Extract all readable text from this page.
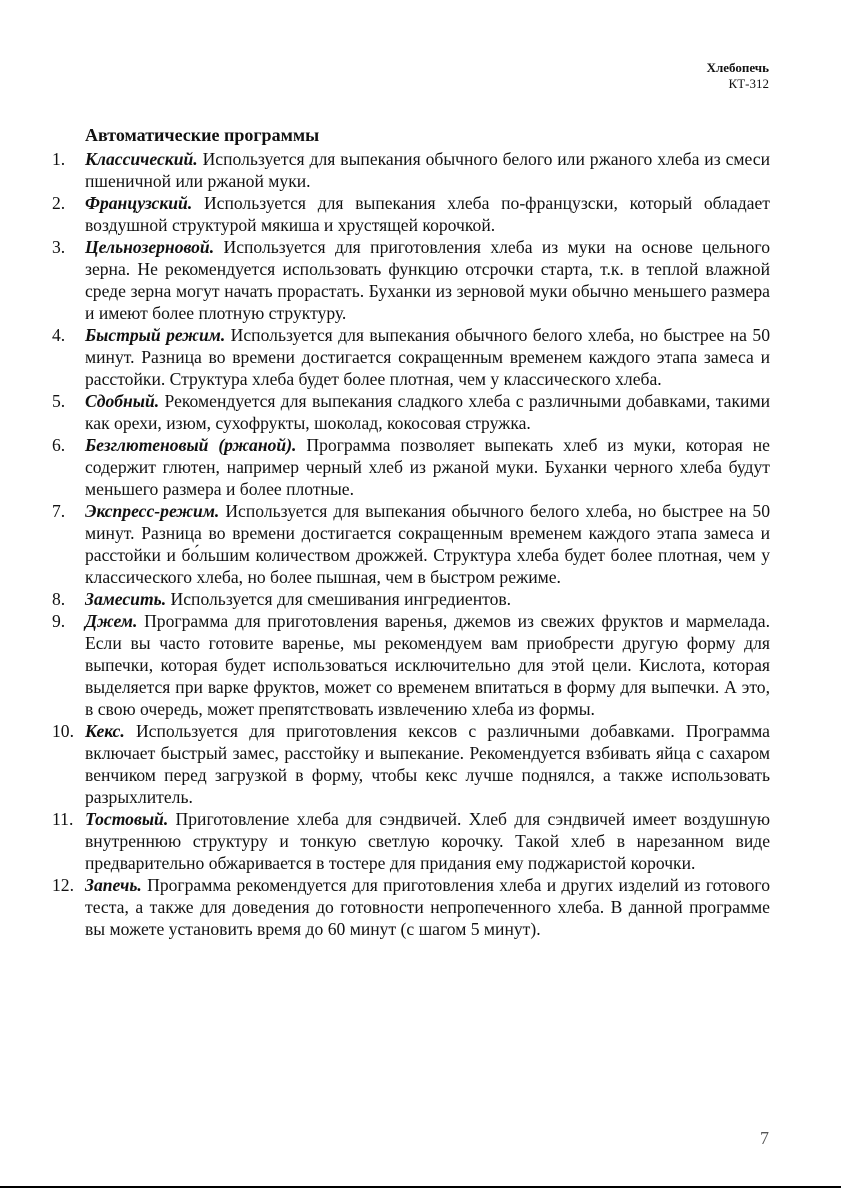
Хлебопечь
КТ-312
Автоматические программы
1.	Классический. Используется для выпекания обычного белого или ржаного хлеба из смеси пшеничной или ржаной муки.
2.	Французский. Используется для выпекания хлеба по-французски, который обладает воздушной структурой мякиша и хрустящей корочкой.
3.	Цельнозерновой. Используется для приготовления хлеба из муки на основе цельного зерна. Не рекомендуется использовать функцию отсрочки старта, т.к. в теплой влажной среде зерна могут начать прорастать. Буханки из зерновой муки обычно меньшего размера и имеют более плотную структуру.
4.	Быстрый режим. Используется для выпекания обычного белого хлеба, но быстрее на 50 минут. Разница во времени достигается сокращенным временем каждого этапа замеса и расстойки. Структура хлеба будет более плотная, чем у классического хлеба.
5.	Сдобный. Рекомендуется для выпекания сладкого хлеба с различными добавками, такими как орехи, изюм, сухофрукты, шоколад, кокосовая стружка.
6.	Безглютеновый (ржаной). Программа позволяет выпекать хлеб из муки, которая не содержит глютен, например черный хлеб из ржаной муки. Буханки черного хлеба будут меньшего размера и более плотные.
7.	Экспресс-режим. Используется для выпекания обычного белого хлеба, но быстрее на 50 минут. Разница во времени достигается сокращенным временем каждого этапа замеса и расстойки и бо́льшим количеством дрожжей. Структура хлеба будет более плотная, чем у классического хлеба, но более пышная, чем в быстром режиме.
8.	Замесить. Используется для смешивания ингредиентов.
9.	Джем. Программа для приготовления варенья, джемов из свежих фруктов и мармелада. Если вы часто готовите варенье, мы рекомендуем вам приобрести другую форму для выпечки, которая будет использоваться исключительно для этой цели. Кислота, которая выделяется при варке фруктов, может со временем впитаться в форму для выпечки. А это, в свою очередь, может препятствовать извлечению хлеба из формы.
10. Кекс. Используется для приготовления кексов с различными добавками. Программа включает быстрый замес, расстойку и выпекание. Рекомендуется взбивать яйца с сахаром венчиком перед загрузкой в форму, чтобы кекс лучше поднялся, а также использовать разрыхлитель.
11. Тостовый. Приготовление хлеба для сэндвичей. Хлеб для сэндвичей имеет воздушную внутреннюю структуру и тонкую светлую корочку. Такой хлеб в нарезанном виде предварительно обжаривается в тостере для придания ему поджаристой корочки.
12. Запечь. Программа рекомендуется для приготовления хлеба и других изделий из готового теста, а также для доведения до готовности непропеченного хлеба. В данной программе вы можете установить время до 60 минут (с шагом 5 минут).
7
